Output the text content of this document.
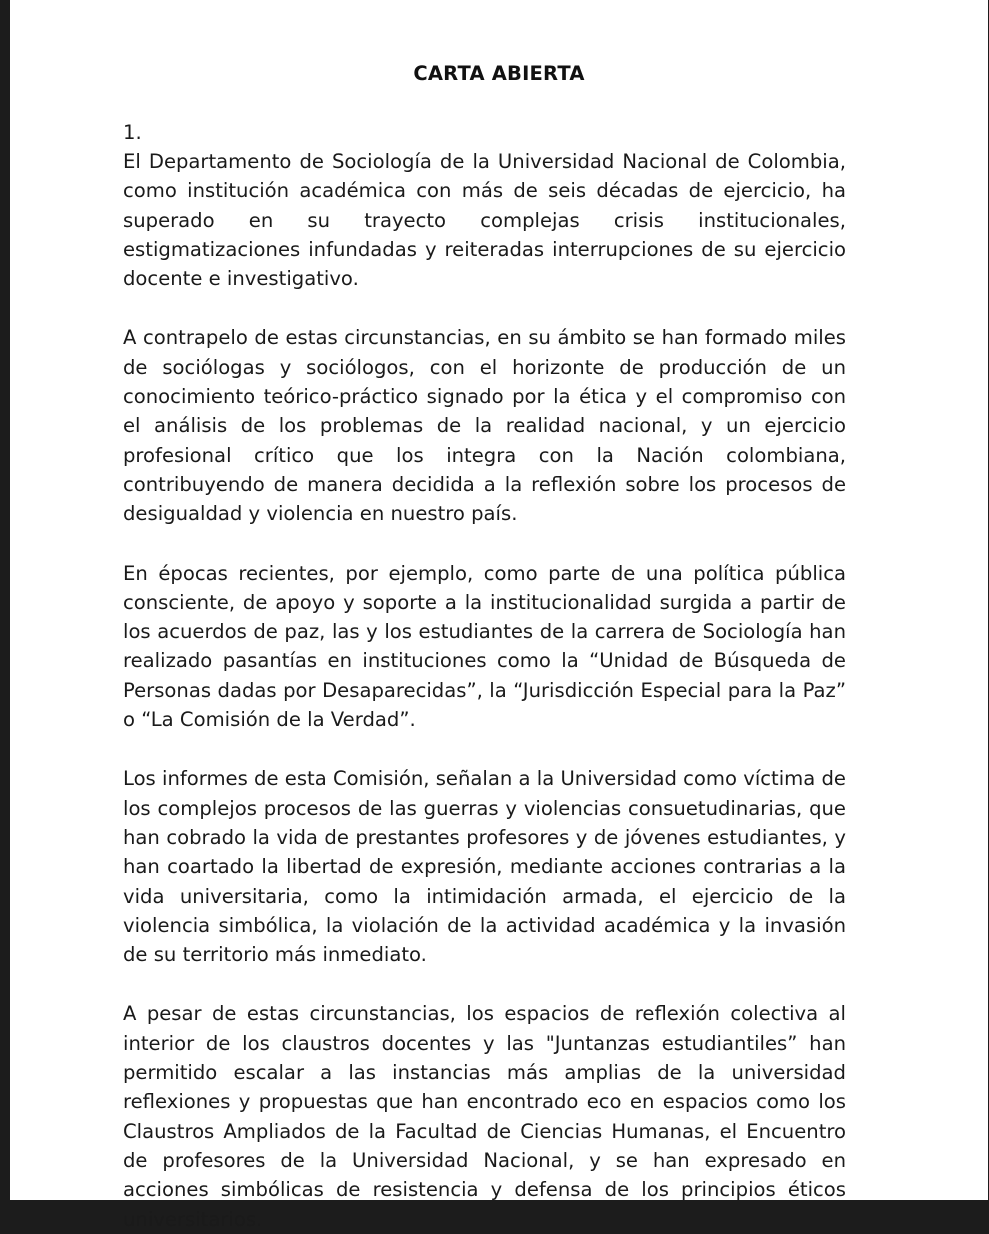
CARTA ABIERTA

1.

El Departamento de Sociología de la Universidad Nacional de Colombia, como institución académica con más de seis décadas de ejercicio, ha superado en su trayecto complejas crisis institucionales, estigmatizaciones infundadas y reiteradas interrupciones de su ejercicio docente e investigativo.

A contrapelo de estas circunstancias, en su ámbito se han formado miles de sociólogas y sociólogos, con el horizonte de producción de un conocimiento teórico-práctico signado por la ética y el compromiso con el análisis de los problemas de la realidad nacional, y un ejercicio profesional crítico que los integra con la Nación colombiana, contribuyendo de manera decidida a la reflexión sobre los procesos de desigualdad y violencia en nuestro país.

En épocas recientes, por ejemplo, como parte de una política pública consciente, de apoyo y soporte a la institucionalidad surgida a partir de los acuerdos de paz, las y los estudiantes de la carrera de Sociología han realizado pasantías en instituciones como la “Unidad de Búsqueda de Personas dadas por Desaparecidas”, la “Jurisdicción Especial para la Paz” o “La Comisión de la Verdad”.

Los informes de esta Comisión, señalan a la Universidad como víctima de los complejos procesos de las guerras y violencias consuetudinarias, que han cobrado la vida de prestantes profesores y de jóvenes estudiantes, y han coartado la libertad de expresión, mediante acciones contrarias a la vida universitaria, como la intimidación armada, el ejercicio de la violencia simbólica, la violación de la actividad académica y la invasión de su territorio más inmediato.

A pesar de estas circunstancias, los espacios de reflexión colectiva al interior de los claustros docentes y las "Juntanzas estudiantiles” han permitido escalar a las instancias más amplias de la universidad reflexiones y propuestas que han encontrado eco en espacios como los Claustros Ampliados de la Facultad de Ciencias Humanas, el Encuentro de profesores de la Universidad Nacional, y se han expresado en acciones simbólicas de resistencia y defensa de los principios éticos universitarios.
